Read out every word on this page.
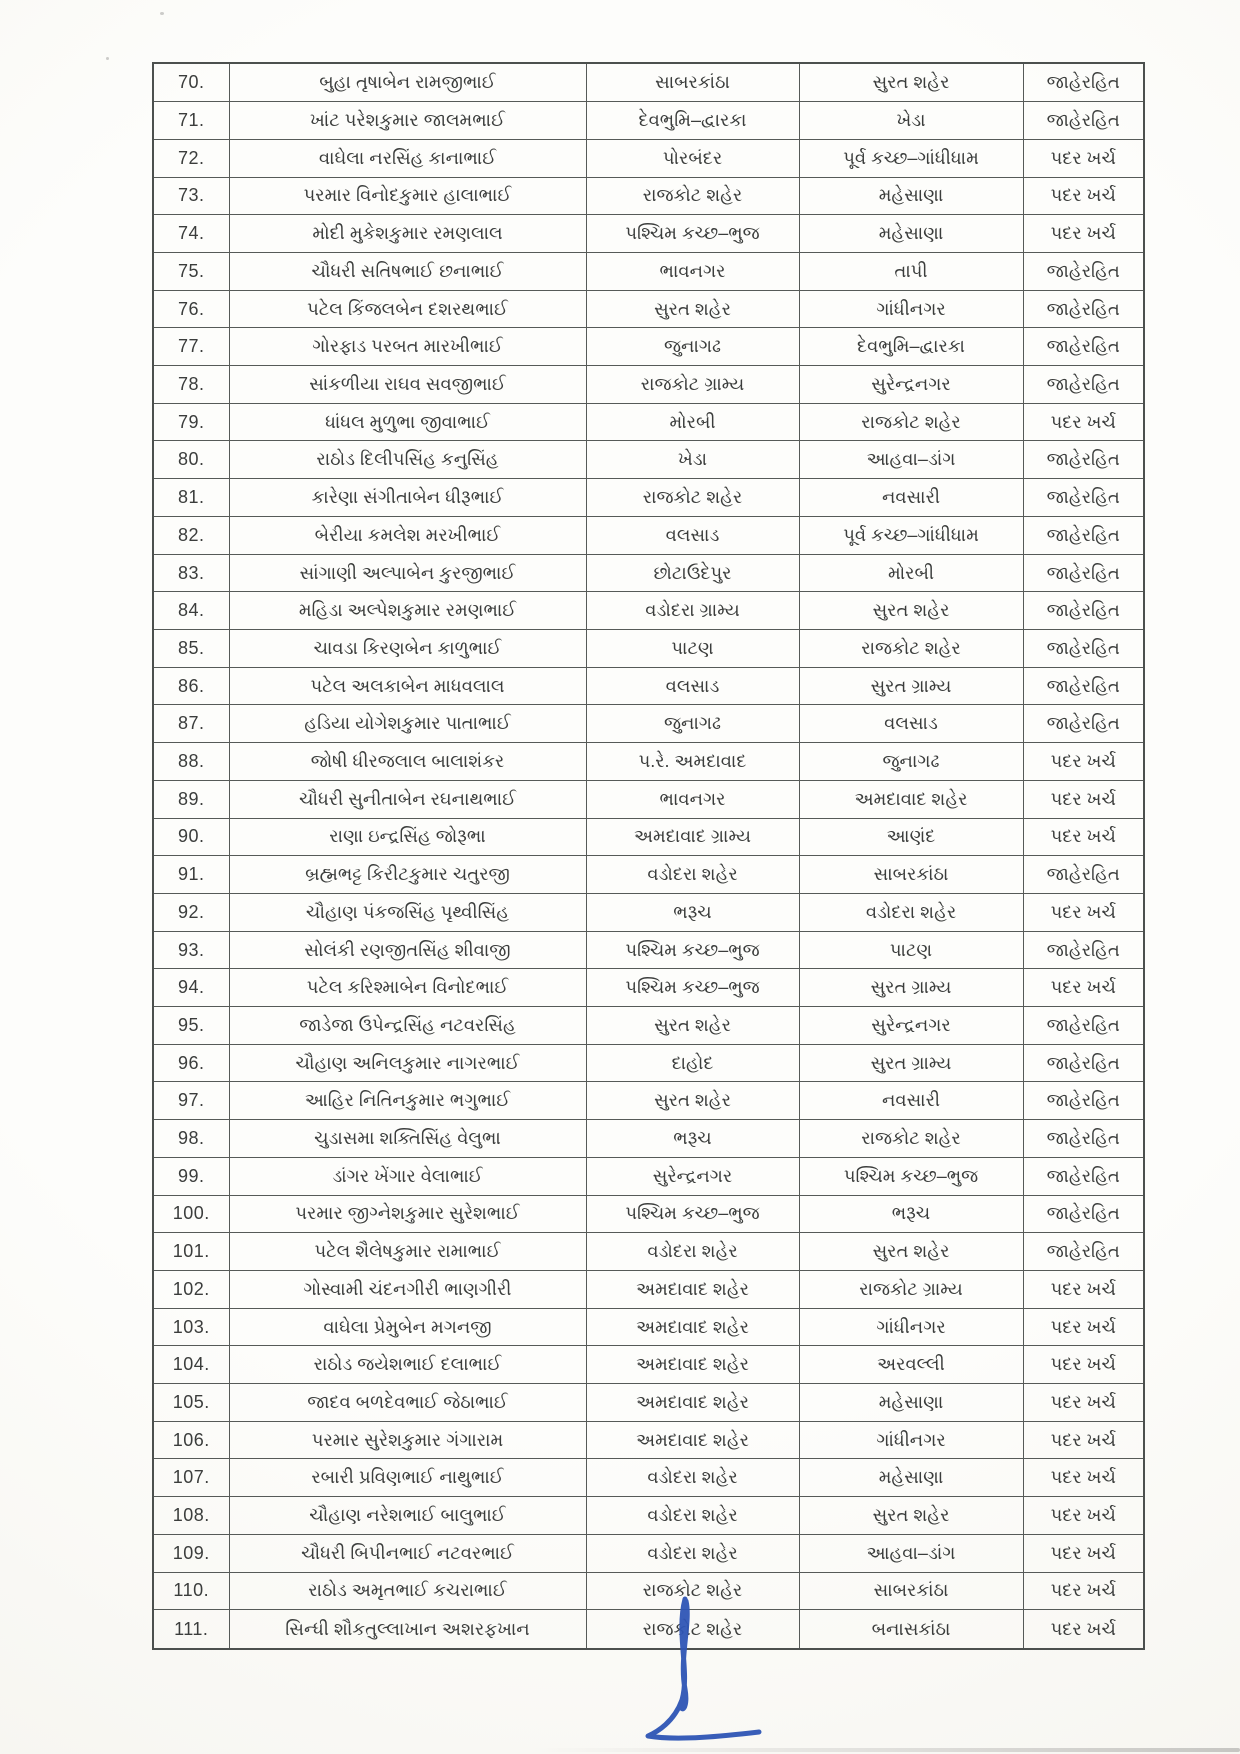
70.	બુહા તૃષાબેન રામજીભાઈ	સાબરકાંઠા	સુરત શહેર	જાહેરહિત
71.	ખાંટ પરેશકુમાર જાલમભાઈ	દેવભુમિ–દ્વારકા	ખેડા	જાહેરહિત
72.	વાઘેલા નરસિંહ કાનાભાઈ	પોરબંદર	પૂર્વ કચ્છ–ગાંધીધામ	પદર ખર્ચ
73.	પરમાર વિનોદકુમાર હાલાભાઈ	રાજકોટ શહેર	મહેસાણા	પદર ખર્ચ
74.	મોદી મુકેશકુમાર રમણલાલ	પશ્ચિમ કચ્છ–ભુજ	મહેસાણા	પદર ખર્ચ
75.	ચૌધરી સતિષભાઈ છનાભાઈ	ભાવનગર	તાપી	જાહેરહિત
76.	પટેલ કિંજલબેન દશરથભાઈ	સુરત શહેર	ગાંધીનગર	જાહેરહિત
77.	ગોરફાડ પરબત મારખીભાઈ	જુનાગઢ	દેવભુમિ–દ્વારકા	જાહેરહિત
78.	સાંકળીયા રાઘવ સવજીભાઈ	રાજકોટ ગ્રામ્ય	સુરેન્દ્રનગર	જાહેરહિત
79.	ધાંધલ મુળુભા જીવાભાઈ	મોરબી	રાજકોટ શહેર	પદર ખર્ચ
80.	રાઠોડ દિલીપસિંહ કનુસિંહ	ખેડા	આહવા–ડાંગ	જાહેરહિત
81.	કારેણા સંગીતાબેન ધીરૂભાઈ	રાજકોટ શહેર	નવસારી	જાહેરહિત
82.	બેરીયા કમલેશ મરખીભાઈ	વલસાડ	પૂર્વ કચ્છ–ગાંધીધામ	જાહેરહિત
83.	સાંગાણી અલ્પાબેન કુરજીભાઈ	છોટાઉદેપુર	મોરબી	જાહેરહિત
84.	મહિડા અલ્પેશકુમાર રમણભાઈ	વડોદરા ગ્રામ્ય	સુરત શહેર	જાહેરહિત
85.	ચાવડા કિરણબેન કાળુભાઈ	પાટણ	રાજકોટ શહેર	જાહેરહિત
86.	પટેલ અલકાબેન માધવલાલ	વલસાડ	સુરત ગ્રામ્ય	જાહેરહિત
87.	હડિયા યોગેશકુમાર પાતાભાઈ	જુનાગઢ	વલસાડ	જાહેરહિત
88.	જોષી ધીરજલાલ બાલાશંકર	પ.રે. અમદાવાદ	જુનાગઢ	પદર ખર્ચ
89.	ચૌધરી સુનીતાબેન રઘનાથભાઈ	ભાવનગર	અમદાવાદ શહેર	પદર ખર્ચ
90.	રાણા ઇન્દ્રસિંહ જોરૂભા	અમદાવાદ ગ્રામ્ય	આણંદ	પદર ખર્ચ
91.	બ્રહ્મભટ્ટ કિરીટકુમાર ચતુરજી	વડોદરા શહેર	સાબરકાંઠા	જાહેરહિત
92.	ચૌહાણ પંકજસિંહ પૃથ્વીસિંહ	ભરૂચ	વડોદરા શહેર	પદર ખર્ચ
93.	સોલંકી રણજીતસિંહ શીવાજી	પશ્ચિમ કચ્છ–ભુજ	પાટણ	જાહેરહિત
94.	પટેલ કરિશ્માબેન વિનોદભાઈ	પશ્ચિમ કચ્છ–ભુજ	સુરત ગ્રામ્ય	પદર ખર્ચ
95.	જાડેજા ઉપેન્દ્રસિંહ નટવરસિંહ	સુરત શહેર	સુરેન્દ્રનગર	જાહેરહિત
96.	ચૌહાણ અનિલકુમાર નાગરભાઈ	દાહોદ	સુરત ગ્રામ્ય	જાહેરહિત
97.	આહિર નિતિનકુમાર ભગુભાઈ	સુરત શહેર	નવસારી	જાહેરહિત
98.	ચુડાસમા શક્તિસિંહ વેલુભા	ભરૂચ	રાજકોટ શહેર	જાહેરહિત
99.	ડાંગર ખેંગાર વેલાભાઈ	સુરેન્દ્રનગર	પશ્ચિમ કચ્છ–ભુજ	જાહેરહિત
100.	પરમાર જીગ્નેશકુમાર સુરેશભાઈ	પશ્ચિમ કચ્છ–ભુજ	ભરૂચ	જાહેરહિત
101.	પટેલ શૈલેષકુમાર રામાભાઈ	વડોદરા શહેર	સુરત શહેર	જાહેરહિત
102.	ગોસ્વામી ચંદનગીરી ભાણગીરી	અમદાવાદ શહેર	રાજકોટ ગ્રામ્ય	પદર ખર્ચ
103.	વાઘેલા પ્રેમુબેન મગનજી	અમદાવાદ શહેર	ગાંધીનગર	પદર ખર્ચ
104.	રાઠોડ જયેશભાઈ દલાભાઈ	અમદાવાદ શહેર	અરવલ્લી	પદર ખર્ચ
105.	જાદવ બળદેવભાઈ જેઠાભાઈ	અમદાવાદ શહેર	મહેસાણા	પદર ખર્ચ
106.	પરમાર સુરેશકુમાર ગંગારામ	અમદાવાદ શહેર	ગાંધીનગર	પદર ખર્ચ
107.	રબારી પ્રવિણભાઈ નાથુભાઈ	વડોદરા શહેર	મહેસાણા	પદર ખર્ચ
108.	ચૌહાણ નરેશભાઈ બાલુભાઈ	વડોદરા શહેર	સુરત શહેર	પદર ખર્ચ
109.	ચૌધરી બિપીનભાઈ નટવરભાઈ	વડોદરા શહેર	આહવા–ડાંગ	પદર ખર્ચ
110.	રાઠોડ અમૃતભાઈ કચરાભાઈ	રાજકોટ શહેર	સાબરકાંઠા	પદર ખર્ચ
111.	સિન્ધી શૌકતુલ્લાખાન અશરફખાન	રાજકોટ શહેર	બનાસકાંઠા	પદર ખર્ચ
